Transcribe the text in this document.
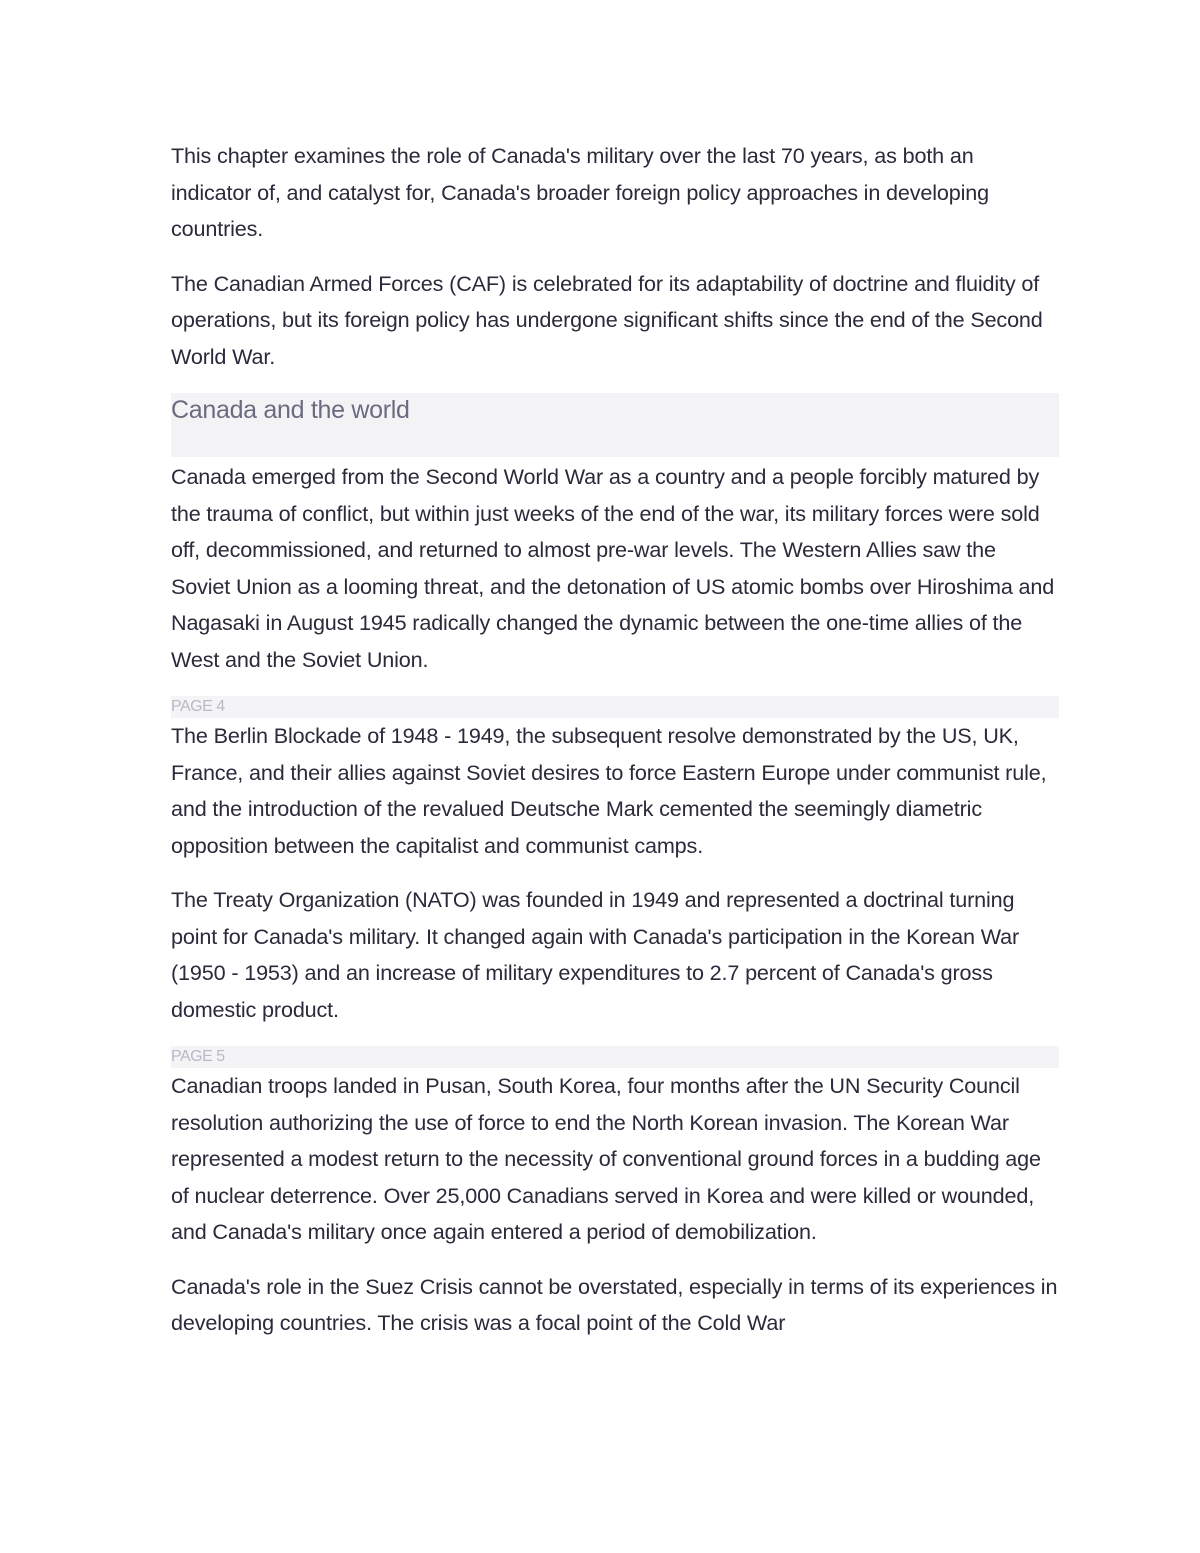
This chapter examines the role of Canada's military over the last 70 years, as both an indicator of, and catalyst for, Canada's broader foreign policy approaches in developing countries.

The Canadian Armed Forces (CAF) is celebrated for its adaptability of doctrine and fluidity of operations, but its foreign policy has undergone significant shifts since the end of the Second World War.

Canada and the world

Canada emerged from the Second World War as a country and a people forcibly matured by the trauma of conflict, but within just weeks of the end of the war, its military forces were sold off, decommissioned, and returned to almost pre-war levels. The Western Allies saw the Soviet Union as a looming threat, and the detonation of US atomic bombs over Hiroshima and Nagasaki in August 1945 radically changed the dynamic between the one-time allies of the West and the Soviet Union.

PAGE 4

The Berlin Blockade of 1948 - 1949, the subsequent resolve demonstrated by the US, UK, France, and their allies against Soviet desires to force Eastern Europe under communist rule, and the introduction of the revalued Deutsche Mark cemented the seemingly diametric opposition between the capitalist and communist camps.

The Treaty Organization (NATO) was founded in 1949 and represented a doctrinal turning point for Canada's military. It changed again with Canada's participation in the Korean War (1950 - 1953) and an increase of military expenditures to 2.7 percent of Canada's gross domestic product.

PAGE 5

Canadian troops landed in Pusan, South Korea, four months after the UN Security Council resolution authorizing the use of force to end the North Korean invasion. The Korean War represented a modest return to the necessity of conventional ground forces in a budding age of nuclear deterrence. Over 25,000 Canadians served in Korea and were killed or wounded, and Canada's military once again entered a period of demobilization.

Canada's role in the Suez Crisis cannot be overstated, especially in terms of its experiences in developing countries. The crisis was a focal point of the Cold War
